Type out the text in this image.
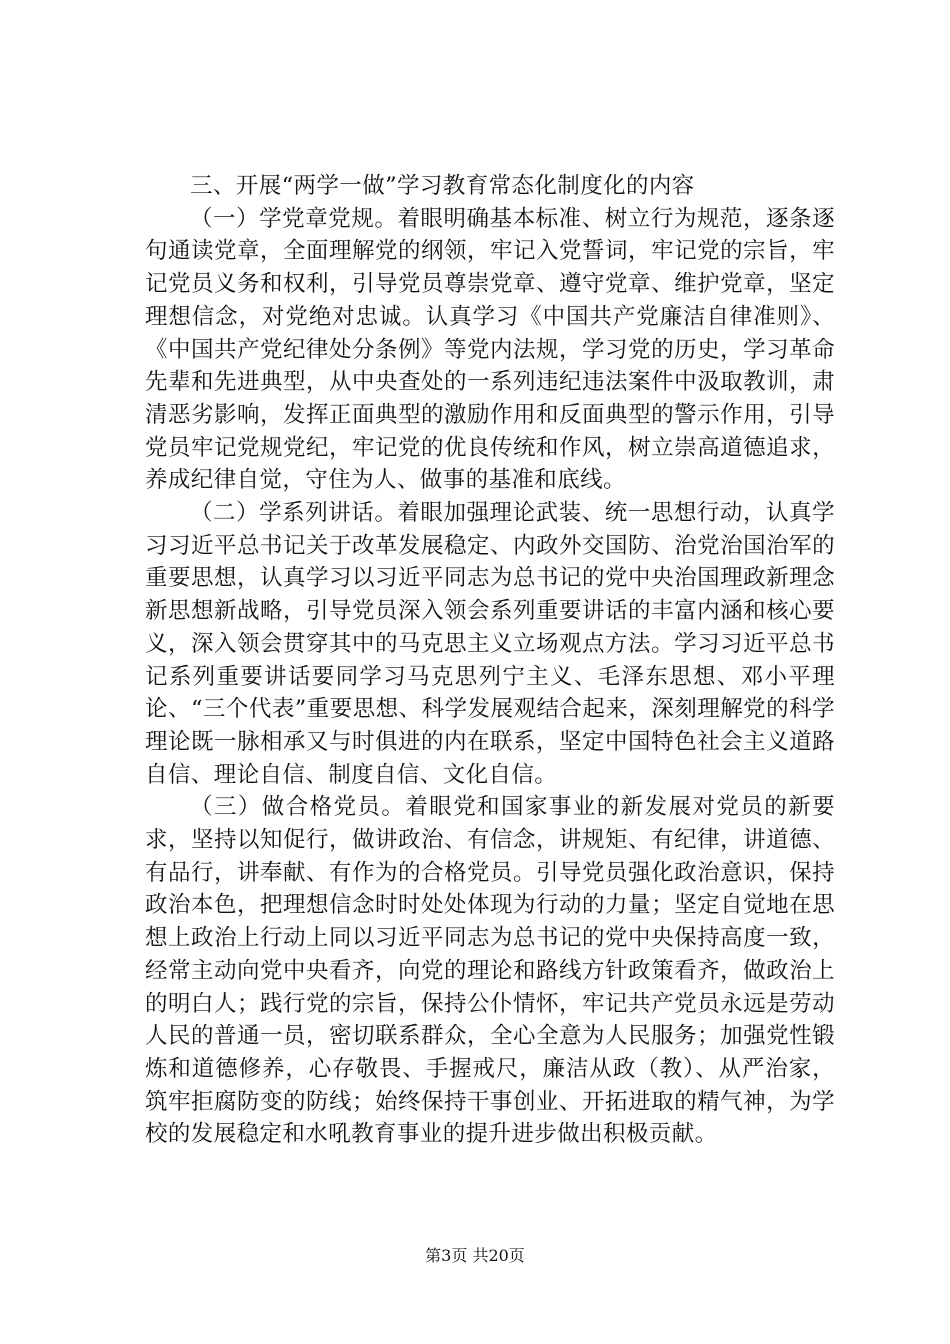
三、开展“两学一做”学习教育常态化制度化的内容

（一）学党章党规。着眼明确基本标准、树立行为规范，逐条逐句通读党章，全面理解党的纲领，牢记入党誓词，牢记党的宗旨，牢记党员义务和权利，引导党员尊崇党章、遵守党章、维护党章，坚定理想信念，对党绝对忠诚。认真学习《中国共产党廉洁自律准则》、《中国共产党纪律处分条例》等党内法规，学习党的历史，学习革命先辈和先进典型，从中央查处的一系列违纪违法案件中汲取教训，肃清恶劣影响，发挥正面典型的激励作用和反面典型的警示作用，引导党员牢记党规党纪，牢记党的优良传统和作风，树立崇高道德追求，养成纪律自觉，守住为人、做事的基准和底线。

（二）学系列讲话。着眼加强理论武装、统一思想行动，认真学习习近平总书记关于改革发展稳定、内政外交国防、治党治国治军的重要思想，认真学习以习近平同志为总书记的党中央治国理政新理念新思想新战略，引导党员深入领会系列重要讲话的丰富内涵和核心要义，深入领会贯穿其中的马克思主义立场观点方法。学习习近平总书记系列重要讲话要同学习马克思列宁主义、毛泽东思想、邓小平理论、“三个代表”重要思想、科学发展观结合起来，深刻理解党的科学理论既一脉相承又与时俱进的内在联系，坚定中国特色社会主义道路自信、理论自信、制度自信、文化自信。

（三）做合格党员。着眼党和国家事业的新发展对党员的新要求，坚持以知促行，做讲政治、有信念，讲规矩、有纪律，讲道德、有品行，讲奉献、有作为的合格党员。引导党员强化政治意识，保持政治本色，把理想信念时时处处体现为行动的力量；坚定自觉地在思想上政治上行动上同以习近平同志为总书记的党中央保持高度一致，经常主动向党中央看齐，向党的理论和路线方针政策看齐，做政治上的明白人；践行党的宗旨，保持公仆情怀，牢记共产党员永远是劳动人民的普通一员，密切联系群众，全心全意为人民服务；加强党性锻炼和道德修养，心存敬畏、手握戒尺，廉洁从政（教）、从严治家，筑牢拒腐防变的防线；始终保持干事创业、开拓进取的精气神，为学校的发展稳定和水吼教育事业的提升进步做出积极贡献。

第3页 共20页
